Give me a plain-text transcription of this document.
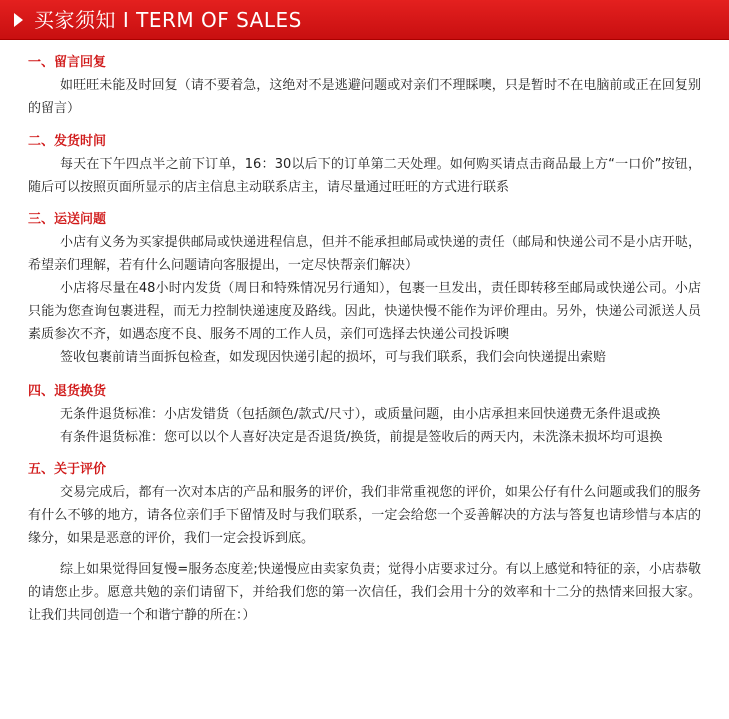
买家须知 I TERM OF SALES
一、留言回复
如旺旺未能及时回复（请不要着急，这绝对不是逃避问题或对亲们不理睬噢，只是暂时不在电脑前或正在回复别的留言）
二、发货时间
每天在下午四点半之前下订单，16：30以后下的订单第二天处理。如何购买请点击商品最上方“一口价”按钮，随后可以按照页面所显示的店主信息主动联系店主，请尽量通过旺旺的方式进行联系
三、运送问题
小店有义务为买家提供邮局或快递进程信息，但并不能承担邮局或快递的责任（邮局和快递公司不是小店开哒，希望亲们理解，若有什么问题请向客服提出，一定尽快帮亲们解决）
小店将尽量在48小时内发货（周日和特殊情况另行通知），包裹一旦发出，责任即转移至邮局或快递公司。小店只能为您查询包裹进程，而无力控制快递速度及路线。因此，快递快慢不能作为评价理由。另外，快递公司派送人员素质参次不齐，如遇态度不良、服务不周的工作人员，亲们可选择去快递公司投诉噢
签收包裹前请当面拆包检查，如发现因快递引起的损坏，可与我们联系，我们会向快递提出索赔
四、退货换货
无条件退货标准：小店发错货（包括颜色/款式/尺寸），或质量问题，由小店承担来回快递费无条件退或换
有条件退货标准：您可以以个人喜好决定是否退货/换货，前提是签收后的两天内，未洗涤未损坏均可退换
五、关于评价
交易完成后，都有一次对本店的产品和服务的评价，我们非常重视您的评价，如果公仔有什么问题或我们的服务有什么不够的地方，请各位亲们手下留情及时与我们联系，一定会给您一个妥善解决的方法与答复也请珍惜与本店的缘分，如果是恶意的评价，我们一定会投诉到底。
综上如果觉得回复慢=服务态度差;快递慢应由卖家负责；觉得小店要求过分。有以上感觉和特征的亲，小店恭敬的请您止步。愿意共勉的亲们请留下，并给我们您的第一次信任，我们会用十分的效率和十二分的热情来回报大家。让我们共同创造一个和谐宁静的所在：）
